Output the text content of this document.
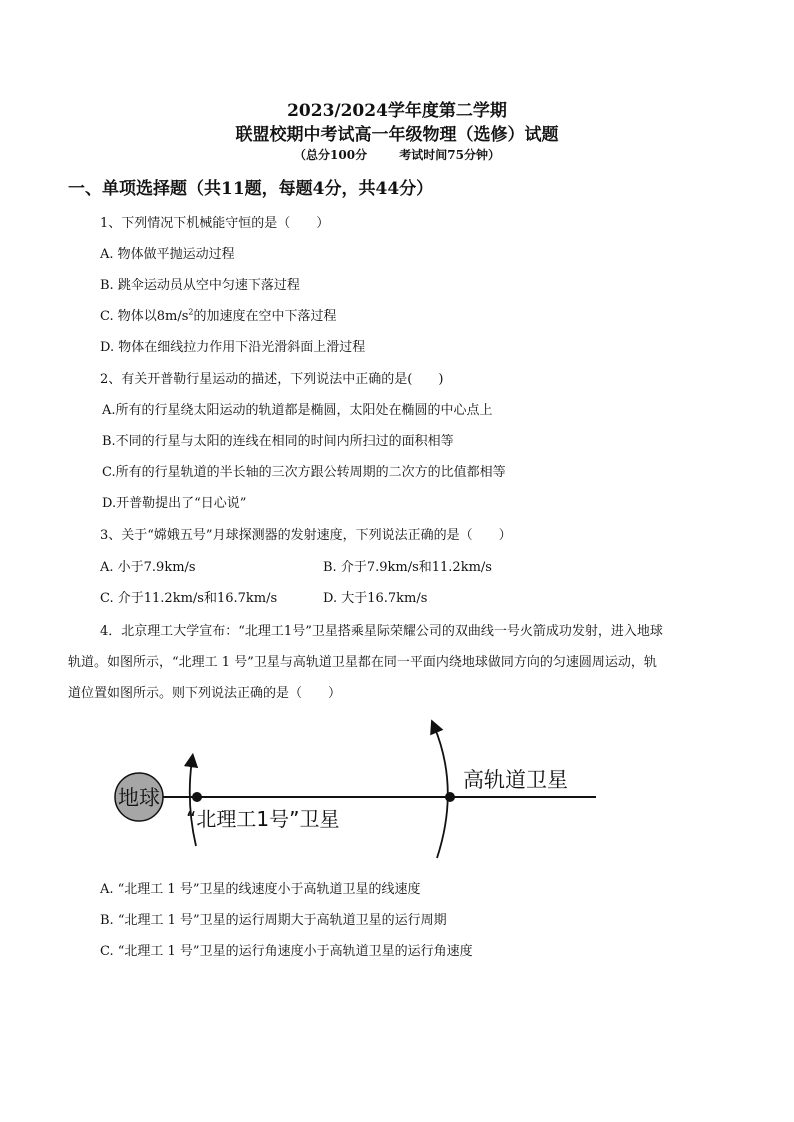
2023/2024学年度第二学期
联盟校期中考试高一年级物理（选修）试题
（总分100分	考试时间75分钟）
一、单项选择题（共11题，每题4分，共44分）
1、下列情况下机械能守恒的是（　　）
A. 物体做平抛运动过程
B. 跳伞运动员从空中匀速下落过程
C. 物体以$8m/s^2$的加速度在空中下落过程
D. 物体在细线拉力作用下沿光滑斜面上滑过程
2、有关开普勒行星运动的描述，下列说法中正确的是(　　)
A.所有的行星绕太阳运动的轨道都是椭圆，太阳处在椭圆的中心点上
B.不同的行星与太阳的连线在相同的时间内所扫过的面积相等
C.所有的行星轨道的半长轴的三次方跟公转周期的二次方的比值都相等
D.开普勒提出了“日心说”
3、关于“嫦娥五号”月球探测器的发射速度，下列说法正确的是（　　）
A. 小于7.9km/s	B. 介于7.9km/s和11.2km/s
C. 介于11.2km/s和16.7km/s	D. 大于16.7km/s
4．北京理工大学宣布：“北理工1号”卫星搭乘星际荣耀公司的双曲线一号火箭成功发射，进入地球
轨道。如图所示，“北理工 1 号”卫星与高轨道卫星都在同一平面内绕地球做同方向的匀速圆周运动，轨
道位置如图所示。则下列说法正确的是（　　）
地球
“北理工1号”卫星
高轨道卫星
A. “北理工 1 号”卫星的线速度小于高轨道卫星的线速度
B. “北理工 1 号”卫星的运行周期大于高轨道卫星的运行周期
C. “北理工 1 号”卫星的运行角速度小于高轨道卫星的运行角速度
